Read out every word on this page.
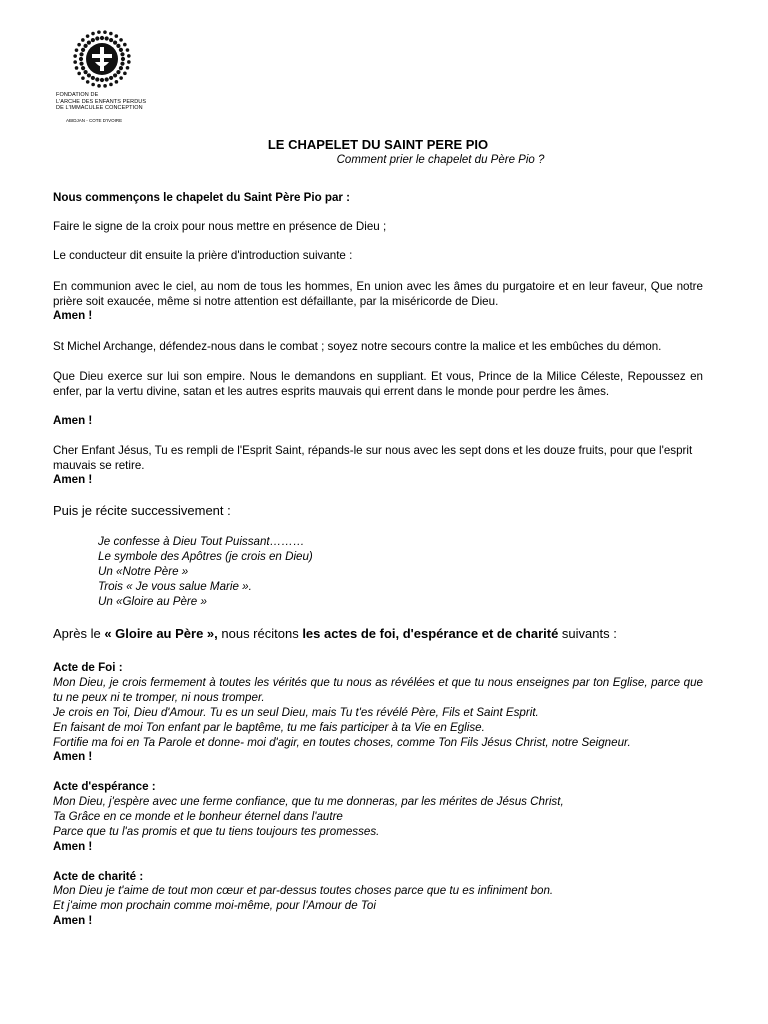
FONDATION DE
L'ARCHE DES ENFANTS PERDUS
DE L'IMMACULEE CONCEPTION
ABIDJAN - COTE D'IVOIRE
LE CHAPELET DU SAINT PERE PIO
Comment prier le chapelet du Père Pio ?
Nous commençons le chapelet du Saint Père Pio par :
Faire le signe de la croix pour nous mettre en présence de Dieu ;
Le conducteur dit ensuite la prière d'introduction suivante :
En communion avec le ciel, au nom de tous les hommes, En union avec les âmes du purgatoire et en leur faveur, Que notre prière soit exaucée, même si notre attention est défaillante, par la miséricorde de Dieu.
Amen !
St Michel Archange, défendez-nous dans le combat ; soyez notre secours contre la malice et les embûches du démon.
Que Dieu exerce sur lui son empire. Nous le demandons en suppliant. Et vous, Prince de la Milice Céleste, Repoussez en enfer, par la vertu divine, satan et les autres esprits mauvais qui errent dans le monde pour perdre les âmes.
Amen !
Cher Enfant Jésus, Tu es rempli de l'Esprit Saint, répands-le sur nous avec les sept dons et les douze fruits, pour que l'esprit mauvais se retire.
Amen !
Puis je récite successivement :
Je confesse à Dieu Tout Puissant………
Le symbole des Apôtres (je crois en Dieu)
Un «Notre Père »
Trois « Je vous salue Marie ».
Un «Gloire au Père »
Après le « Gloire au Père », nous récitons les actes de foi, d'espérance et de charité suivants :
Acte de Foi :
Mon Dieu, je crois fermement à toutes les vérités que tu nous as révélées et que tu nous enseignes par ton Eglise, parce que tu ne peux ni te tromper, ni nous tromper.
Je crois en Toi, Dieu d'Amour. Tu es un seul Dieu, mais Tu t'es révélé Père, Fils et Saint Esprit.
En faisant de moi Ton enfant par le baptême, tu me fais participer à ta Vie en Eglise.
Fortifie ma foi en Ta Parole et donne- moi d'agir, en toutes choses, comme Ton Fils Jésus Christ, notre Seigneur.
Amen !
Acte d'espérance :
Mon Dieu, j'espère avec une ferme confiance, que tu me donneras, par les mérites de Jésus Christ,
Ta Grâce en ce monde et le bonheur éternel dans l'autre
Parce que tu l'as promis et que tu tiens toujours tes promesses.
Amen !
Acte de charité :
Mon Dieu je t'aime de tout mon cœur et par-dessus toutes choses parce que tu es infiniment bon.
Et j'aime mon prochain comme moi-même, pour l'Amour de Toi
Amen !
